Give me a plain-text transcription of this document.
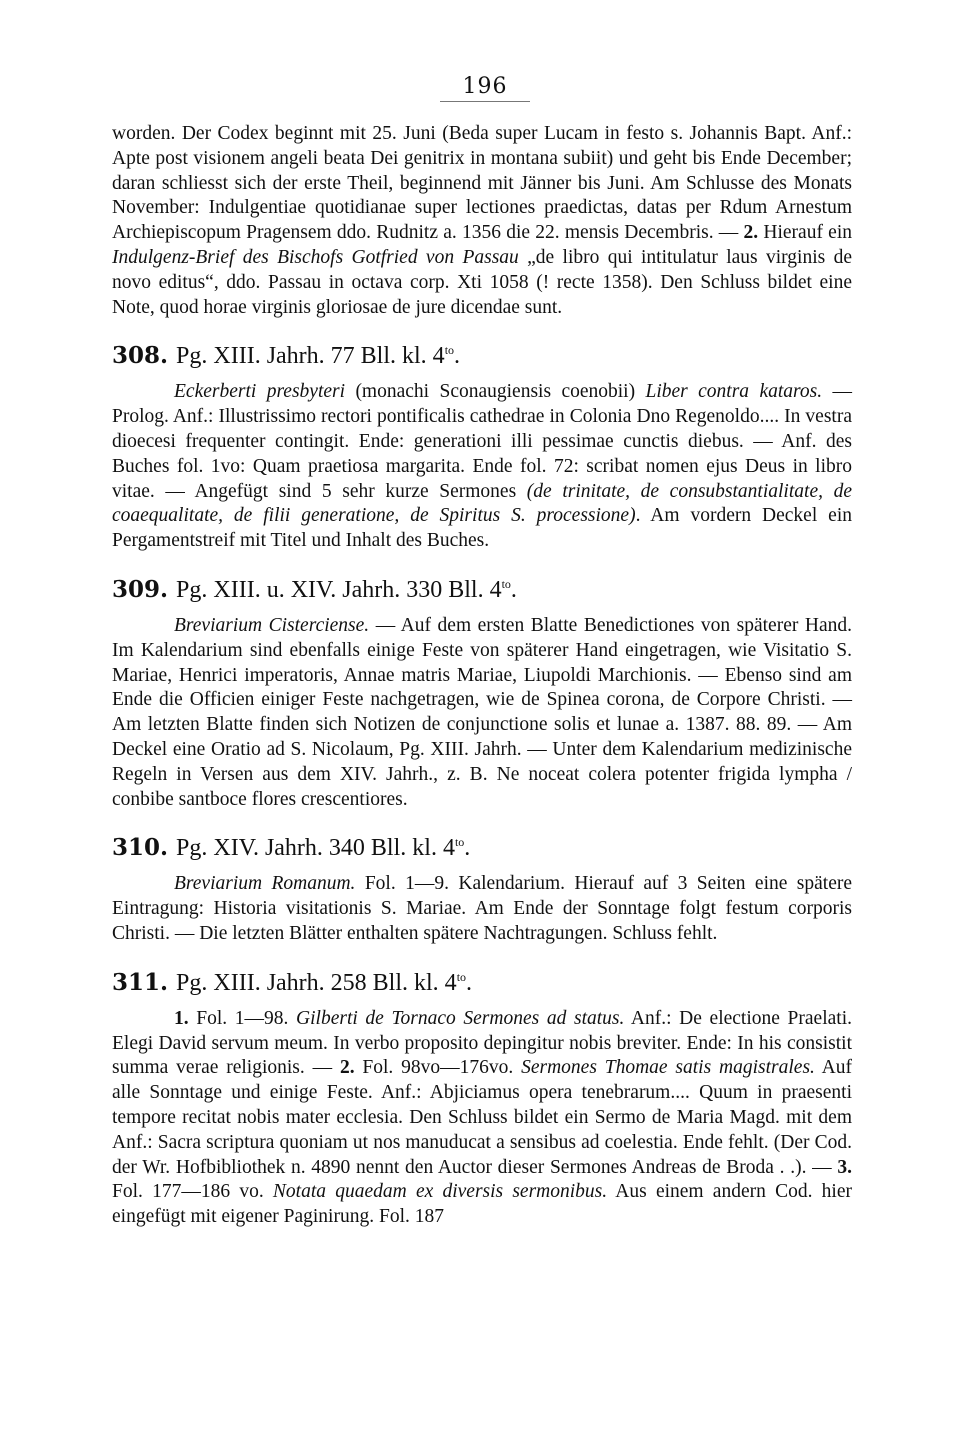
196

worden. Der Codex beginnt mit 25. Juni (Beda super Lucam in festo s. Johannis Bapt. Anf.: Apte post visionem angeli beata Dei genitrix in montana subiit) und geht bis Ende December; daran schliesst sich der erste Theil, beginnend mit Jänner bis Juni. Am Schlusse des Monats November: Indulgentiae quotidianae super lectiones praedictas, datas per Rdum Arnestum Archiepiscopum Pragensem ddo. Rudnitz a. 1356 die 22. mensis Decembris. — 2. Hierauf ein Indulgenz-Brief des Bischofs Gotfried von Passau „de libro qui intitulatur laus virginis de novo editus“, ddo. Passau in octava corp. Xti 1058 (! recte 1358). Den Schluss bildet eine Note, quod horae virginis gloriosae de jure dicendae sunt.

308. Pg. XIII. Jahrh. 77 Bll. kl. $4^{to}$.

Eckerberti presbyteri (monachi Sconaugiensis coenobii) Liber contra kataros. — Prolog. Anf.: Illustrissimo rectori pontificalis cathedrae in Colonia Dno Regenoldo.... In vestra dioecesi frequenter contingit. Ende: generationi illi pessimae cunctis diebus. — Anf. des Buches fol. 1vo: Quam praetiosa margarita. Ende fol. 72: scribat nomen ejus Deus in libro vitae. — Angefügt sind 5 sehr kurze Sermones (de trinitate, de consubstantialitate, de coaequalitate, de filii generatione, de Spiritus S. processione). Am vordern Deckel ein Pergamentstreif mit Titel und Inhalt des Buches.

309. Pg. XIII. u. XIV. Jahrh. 330 Bll. $4^{to}$.

Breviarium Cisterciense. — Auf dem ersten Blatte Benedictiones von späterer Hand. Im Kalendarium sind ebenfalls einige Feste von späterer Hand eingetragen, wie Visitatio S. Mariae, Henrici imperatoris, Annae matris Mariae, Liupoldi Marchionis. — Ebenso sind am Ende die Officien einiger Feste nachgetragen, wie de Spinea corona, de Corpore Christi. — Am letzten Blatte finden sich Notizen de conjunctione solis et lunae a. 1387. 88. 89. — Am Deckel eine Oratio ad S. Nicolaum, Pg. XIII. Jahrh. — Unter dem Kalendarium medizinische Regeln in Versen aus dem XIV. Jahrh., z. B. Ne noceat colera potenter frigida lympha / conbibe santboce flores crescentiores.

310. Pg. XIV. Jahrh. 340 Bll. kl. $4^{to}$.

Breviarium Romanum. Fol. 1—9. Kalendarium. Hierauf auf 3 Seiten eine spätere Eintragung: Historia visitationis S. Mariae. Am Ende der Sonntage folgt festum corporis Christi. — Die letzten Blätter enthalten spätere Nachtragungen. Schluss fehlt.

311. Pg. XIII. Jahrh. 258 Bll. kl. $4^{to}$.

1. Fol. 1—98. Gilberti de Tornaco Sermones ad status. Anf.: De electione Praelati. Elegi David servum meum. In verbo proposito depingitur nobis breviter. Ende: In his consistit summa verae religionis. — 2. Fol. 98vo—176vo. Sermones Thomae satis magistrales. Auf alle Sonntage und einige Feste. Anf.: Abjiciamus opera tenebrarum.... Quum in praesenti tempore recitat nobis mater ecclesia. Den Schluss bildet ein Sermo de Maria Magd. mit dem Anf.: Sacra scriptura quoniam ut nos manuducat a sensibus ad coelestia. Ende fehlt. (Der Cod. der Wr. Hofbibliothek n. 4890 nennt den Auctor dieser Sermones Andreas de Broda . .). — 3. Fol. 177—186 vo. Notata quaedam ex diversis sermonibus. Aus einem andern Cod. hier eingefügt mit eigener Paginirung. Fol. 187
